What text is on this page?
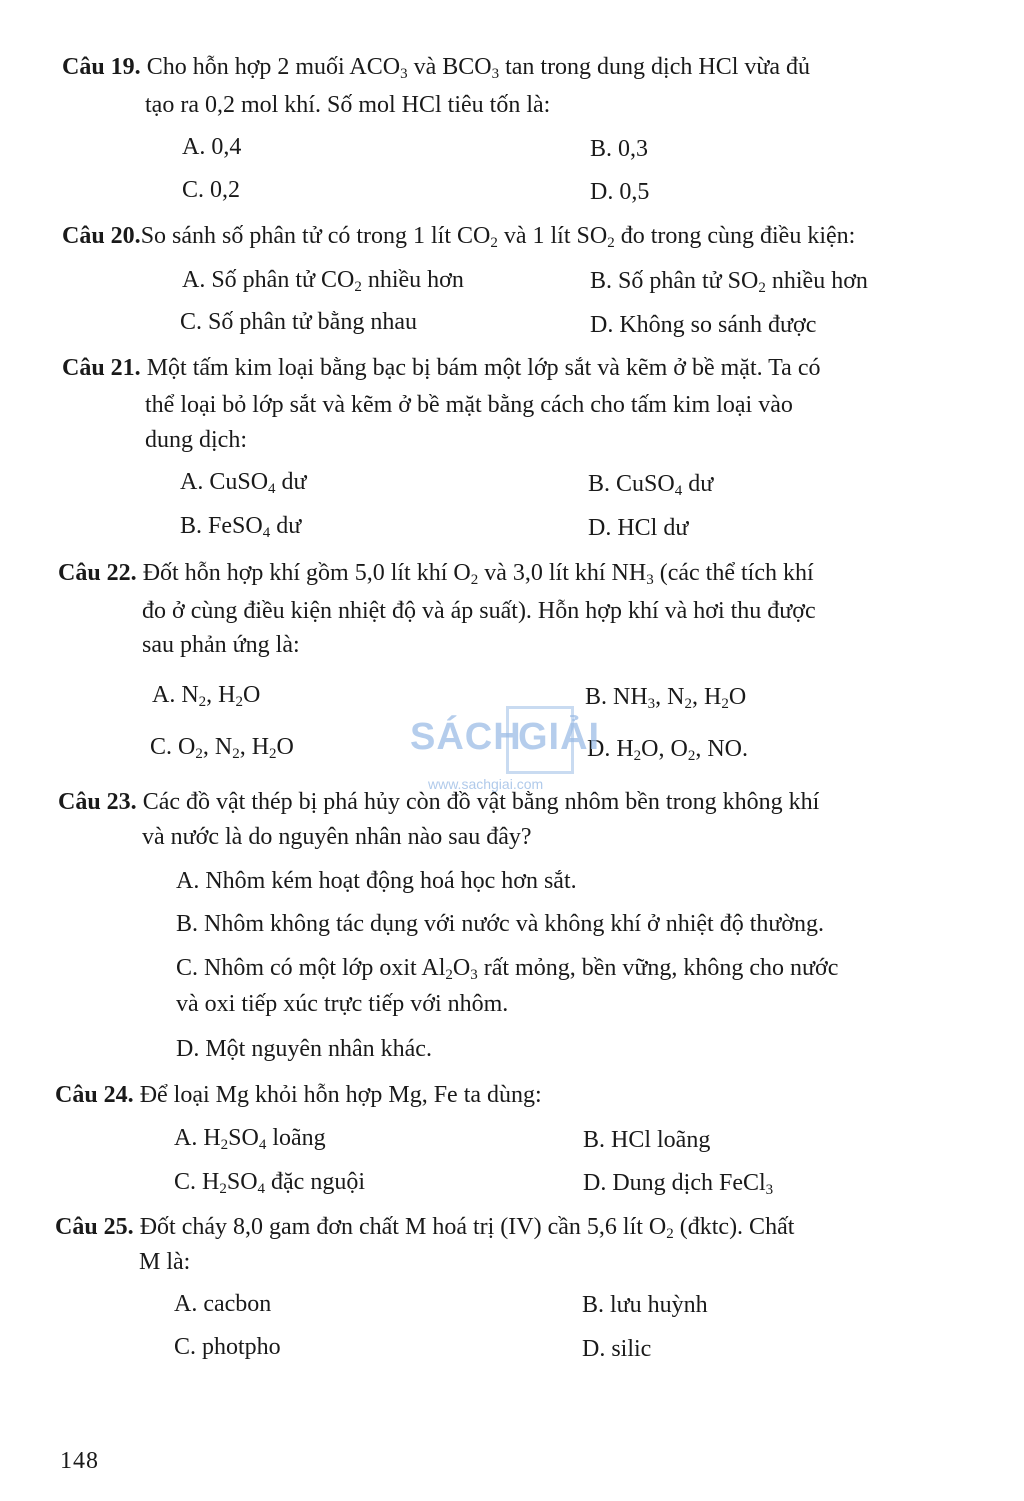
Câu 19. Cho hỗn hợp 2 muối $ACO_3$ và $BCO_3$ tan trong dung dịch HCl vừa đủ
tạo ra 0,2 mol khí. Số mol HCl tiêu tốn là:
A. 0,4	B. 0,3
C. 0,2	D. 0,5
Câu 20.So sánh số phân tử có trong 1 lít $CO_2$ và 1 lít $SO_2$ đo trong cùng điều kiện:
A. Số phân tử $CO_2$ nhiều hơn	B. Số phân tử $SO_2$ nhiều hơn
C. Số phân tử bằng nhau	D. Không so sánh được
Câu 21. Một tấm kim loại bằng bạc bị bám một lớp sắt và kẽm ở bề mặt. Ta có
thể loại bỏ lớp sắt và kẽm ở bề mặt bằng cách cho tấm kim loại vào
dung dịch:
A. CuSO$_4$ dư	B. CuSO$_4$ dư
B. FeSO$_4$ dư	D. HCl dư
Câu 22. Đốt hỗn hợp khí gồm 5,0 lít khí $O_2$ và 3,0 lít khí $NH_3$ (các thể tích khí
đo ở cùng điều kiện nhiệt độ và áp suất). Hỗn hợp khí và hơi thu được
sau phản ứng là:
A. $N_2$, $H_2O$	B. $NH_3$, $N_2$, $H_2O$
C. $O_2$, $N_2$, $H_2O$	D. $H_2O$, $O_2$, NO.
Câu 23. Các đồ vật thép bị phá hủy còn đồ vật bằng nhôm bền trong không khí
và nước là do nguyên nhân nào sau đây?
A. Nhôm kém hoạt động hoá học hơn sắt.
B. Nhôm không tác dụng với nước và không khí ở nhiệt độ thường.
C. Nhôm có một lớp oxit $Al_2O_3$ rất mỏng, bền vững, không cho nước
và oxi tiếp xúc trực tiếp với nhôm.
D. Một nguyên nhân khác.
Câu 24. Để loại Mg khỏi hỗn hợp Mg, Fe ta dùng:
A. $H_2SO_4$ loãng	B. HCl loãng
C. $H_2SO_4$ đặc nguội	D. Dung dịch FeCl$_3$
Câu 25. Đốt cháy 8,0 gam đơn chất M hoá trị (IV) cần 5,6 lít $O_2$ (đktc). Chất
M là:
A. cacbon	B. lưu huỳnh
C. photpho	D. silic
SÁCH
GIẢI
www.sachgiai.com
148
